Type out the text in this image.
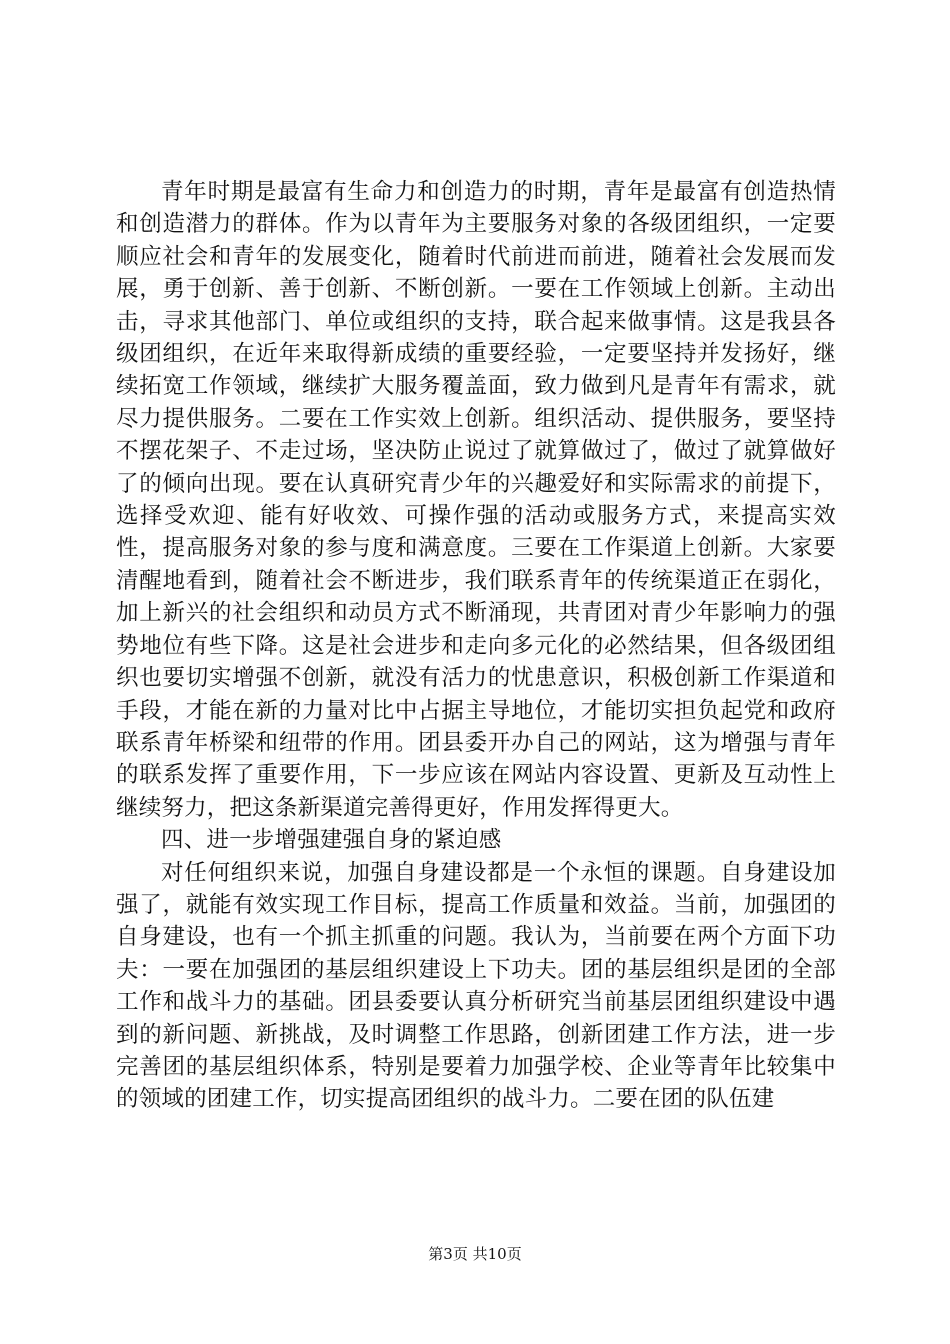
青年时期是最富有生命力和创造力的时期，青年是最富有创造热情和创造潜力的群体。作为以青年为主要服务对象的各级团组织，一定要顺应社会和青年的发展变化，随着时代前进而前进，随着社会发展而发展，勇于创新、善于创新、不断创新。一要在工作领域上创新。主动出击，寻求其他部门、单位或组织的支持，联合起来做事情。这是我县各级团组织，在近年来取得新成绩的重要经验，一定要坚持并发扬好，继续拓宽工作领域，继续扩大服务覆盖面，致力做到凡是青年有需求，就尽力提供服务。二要在工作实效上创新。组织活动、提供服务，要坚持不摆花架子、不走过场，坚决防止说过了就算做过了，做过了就算做好了的倾向出现。要在认真研究青少年的兴趣爱好和实际需求的前提下，选择受欢迎、能有好收效、可操作强的活动或服务方式，来提高实效性，提高服务对象的参与度和满意度。三要在工作渠道上创新。大家要清醒地看到，随着社会不断进步，我们联系青年的传统渠道正在弱化，加上新兴的社会组织和动员方式不断涌现，共青团对青少年影响力的强势地位有些下降。这是社会进步和走向多元化的必然结果，但各级团组织也要切实增强不创新，就没有活力的忧患意识，积极创新工作渠道和手段，才能在新的力量对比中占据主导地位，才能切实担负起党和政府联系青年桥梁和纽带的作用。团县委开办自己的网站，这为增强与青年的联系发挥了重要作用，下一步应该在网站内容设置、更新及互动性上继续努力，把这条新渠道完善得更好，作用发挥得更大。

四、进一步增强建强自身的紧迫感

对任何组织来说，加强自身建设都是一个永恒的课题。自身建设加强了，就能有效实现工作目标，提高工作质量和效益。当前，加强团的自身建设，也有一个抓主抓重的问题。我认为，当前要在两个方面下功夫：一要在加强团的基层组织建设上下功夫。团的基层组织是团的全部工作和战斗力的基础。团县委要认真分析研究当前基层团组织建设中遇到的新问题、新挑战，及时调整工作思路，创新团建工作方法，进一步完善团的基层组织体系，特别是要着力加强学校、企业等青年比较集中的领域的团建工作，切实提高团组织的战斗力。二要在团的队伍建

第3页 共10页
